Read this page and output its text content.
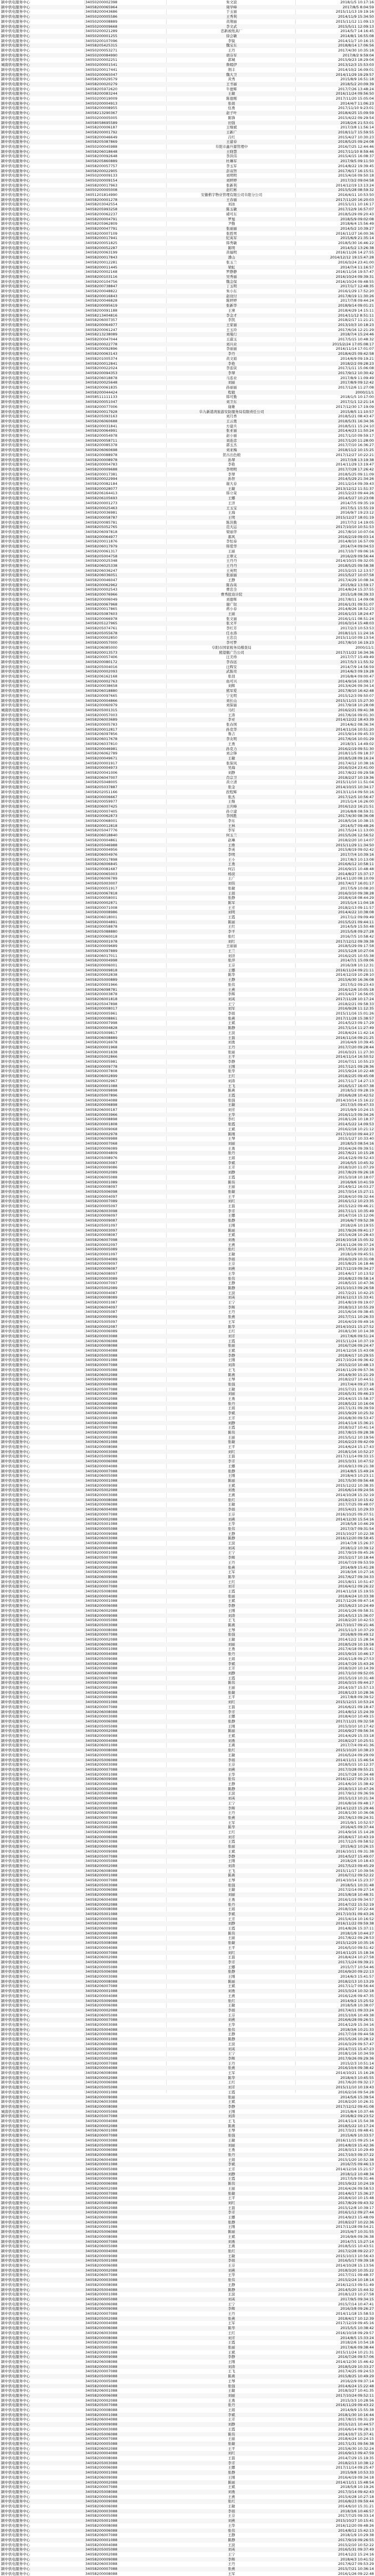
颍中供电服务中心	34050200002398	朱文波	2018/1/5 10:17:16
颍中供电服务中心	34058200065964	周学峰	2017/8/5 8:04:59
颍中供电服务中心	34058200043686	于玉丽	2015/11/13 19:19:16
颍中供电服务中心	34050200005586	王秀利	2014/11/9 15:34:50
颍中供电服务中心	34050200008889	黄翔丽	2015/11/12 11:09:13
颍中供电服务中心	34050200009668	李文武	2015/5/11 12:09:13
颍中供电服务中心	34050200021289	忠新被纸具厂	2014/5/7 14:16:45
颍中供电服务中心	34050200001255	徐会敏	2014/8/1 16:55:08
颍中供电服务中心	34050200107096	李锐	2014/11/7 10:16:15
颍中供电服务中心	34058205425315	魏宝东	2018/8/14 17:06:56
颍中供电服务中心	34050200053271	王丹	2017/4/30 10:35:18
颍中供电服务中心	34050200084990	胡芬军	2017/8/2 9:59:04
颍中供电服务中心	34050200002251	郭城	2015/9/23 18:29:04
城南供电服务中心	34050200001541	鲁嫣伊	2013/12/3 15:53:03
颍中供电服务中心	34050200017441	荆丰	2014/10/2 16:09:01
颍中供电服务中心	34050200065047	魏大卫	2014/11/29 19:29:57
颍中供电服务中心	34058200029579	黄秀	2015/8/9 16:51:18
颍中供电服务中心	34058200020279	王书丽	2018/5/2 20:09:39
颍中供电服务中心	34058205972620	牛德辉	2017/7/26 13:48:24
颍中供电服务中心	34058200083244	王敏	2016/11/24 09:56:50
颍中供电服务中心	34050200019009	陈德刚	2017/11/20 15:05:04
颍中供电服务中心	34050200004913	张娟	2014/4/7 11:06:23
颍中供电服务中心	34058200008955	伍勇	2017/11/10 9:23:01
颍中供电服务中心	34058213290367	赵子叶	2018/4/25 15:09:59
颍中供电服务中心	34050200005005	陈锋	2015/4/22 09:29:54
颍中供电服务中心	34058058695589	田强	2018/2/6 21:53:01
颍中供电服务中心	34058200006187	王继斌	2017/3/8 11:56:14
颍中供电服务中心	34058200001792	王新广	2018/11/7 15:59:55
颍中供电服务中心	34058200046649	吕红	2015/4/27 10:30:23
颍中供电服务中心	34058205087869	王建春	2018/5/25 09:24:08
颍中供电服务中心	34050200045988	阜阳市鑫升源管理中	2016/7/25 12:44:46
颍中供电服务中心	34058206018648	王晓慧	2017/11/10 8:59:46
颍中供电服务中心	34058200092648	李洪伟	2015/4/15 16:08:37
颍中供电服务中心	34058205860889	杜琳军	2017/9/5 09:11:50
颍中供电服务中心	34058200057757	李玉军	2014/8/22 19:39:45
颍中供电服务中心	34058200022905	彭双智	2017/6/17 16:15:51
颍中供电服务中心	34050200009133	刘明明	2015/4/16 09:50:18
颍中供电服务中心	34050200009154	刘婷婷	2017/3/2 09:04:58
颍中供电服务中心	34058200017963	张新利	2014/12/19 13:13:24
颍中供电服务中心	34050200005008	赵红彬	2015/5/28 08:59:32
颍中供电服务中心	34051201814990	安徽楷宇物业管理有限公司阜阳分公司	2016/4/11 10:53:50
颍中供电服务中心	34058200001278	王春丽	2017/11/20 16:20:03
颍中供电服务中心	34058203042554	刘冰	2015/1/11 10:16:17
颍中供电服务中心	34058205993258	陈玉敏	2017/12/9 16:57:07
颍中供电服务中心	34058200062237	褚可东	2018/5/29 09:20:43
颍中供电服务中心	34058200004791	罗旭	2018/5/9 09:02:08
颍中供电服务中心	34058205962809	尹勤	2018/6/4 15:56:49
颍中供电服务中心	34058200047791	张丽丽	2014/5/2 10:39:27
颍中供电服务中心	34058200007109	张胜男	2016/11/27 16:00:36
颍中供电服务中心	34058200017941	纪英军	2015/6/9 21:35:14
颍中供电服务中心	34058200051825	韩秀敏	2018/5/30 16:46:22
颍中供电服务中心	34058200052287	陈明	2014/5/2 13:26:38
颍中供电服务中心	34058200063199	黄福明	2016/11/26 14:27:55
颍中供电服务中心	34058200017843	潘山	2014/12/12 19:15:47:28
颍中供电服务中心	34058200012281	张玉兰	2016/3/24 23:41:00
颍中供电服务中心	34058200011445	梁虹	2014/7/4 11:16:57
颍中供电服务中心	34058200002168	罗静静	2016/11/16 19:57:47
颍中供电服务中心	34058200103116	吴秀丽	2016/10/24 09:39:31
颍中供电服务中心	34058200104756	魏金保	2016/10/24 09:48:55
颍中供电服务中心	34058200738847	丁玉明	2017/1/7 12:48:35
颍中供电服务中心	34058200048822	朱小东	2016/1/29 17:52:20
颍中供电服务中心	34058200016843	赵玟付	2017/8/19 11:30:26
颍中供电服务中心	34058200046828	陈婷婷	2017/7/8 09:44:24
颍中供电服务中心	34058200095619	张新华	2018/9/14 09:01:21
颍中供电服务中心	34058200091188	王寨	2018/4/29 14:15:11
颍中供电服务中心	34058213404816	李金才	2014/11/12 8:51:11
颍中供电服务中心	34058206007357	李凯	2018/2/17 11:21:21
颍中供电服务中心	34058200064977	王家丽	2013/10/3 10:18:23
颍中供电服务中心	34058200061247	王玉玲	2017/6/16 12:21:29
颍中供电服务中心	34058213238089	刘曼行	2018/7/4 15:24:46
颍中供电服务中心	34058200047044	王淑玉	2017/5/15 10:48:32
颍中供电服务中心	34058200022778	刘兴业	2015/2/24 17:05:08:17
颍中供电服务中心	34058200092896	李丽丽	2016/11/14 17:01:07
颍中供电服务中心	34058200063143	李丹	2018/4/25 09:42:58
颍中供电服务中心	34058201005374	黄文娟	2014/6/9 09:19:21
颍中供电服务中心	34058200012841	李艳	2018/2/2 09:28:23
颍中供电服务中心	34058200022024	李连侠	2017/1/11 15:06:08
颍中供电服务中心	34058200094353	李翠	2017/9/12 10:30:42
颍中供电服务中心	34058206018878	马连业	2017/8/9 11:09:49
颍中供电服务中心	34058200025648	刘丽	2017/8/9 09:12:42
颍中供电服务中心	34058200061835	孙丽丽	2017/12/6 11:27:08
颍中供电服务中心	34058200044424	程毅	2000/11/1
颍中供电服务中心	34058511111133	韩可勤	2018/1/5 10:17:00
颍中供电服务中心	34058200051047	刘卫东	2017/1/1 12:21:14
颍中供电服务中心	34058200077006	谢雄	2017/12/30 17:19:09
颍中供电服务中心	34058200017928	阜九新港湾旅游安防服务局有限责任公司	2015/8/5 11:10:57
颍中供电服务中心	34058205093163	刘月香	2018/5/21 08:43:47
颍中供电服务中心	34058206060688	王云勇	2018/5/31 16:34:36
颍中供电服务中心	34058200031841	方建兵	2018/5/11 15:24:10
颍中供电服务中心	34058200064991	张亚丽	2014/4/23 11:50:24
颍中供电服务中心	34058200054978	赵小丽	2017/1/10 09:59:17
颍中供电服务中心	34058200058711	刘连彦	2017/1/20 11:28:00
颍中供电服务中心	34058200085378	郭玉杰	2017/7/10 16:36:27
颍中供电服务中心	34058206060698	刘亚梅	2018/11/2 10:15:25
颍中供电服务中心	34058200088978	贺古出色娘	2017/12/27 10:22:21
颍中供电服务中心	34058200008978	孙翠	2017/3/8 13:19:38
颍中供电服务中心	34058200004783	李艳	2014/11/29 13:19:47
颍中供电服务中心	34058200009688	李明明	2017/7/28 17:26:42
颍中供电服务中心	34058200017381	李翠	2018/5/25 09:11:09
颍中供电服务中心	34058200022994	孙智	2014/5/29 21:34:26
颍中供电服务中心	34058200082184	谢大春	2011/2/14 09:39:43
颍中供电服务中心	34058200028077	王敏	2013/12/12 11:51:37
颍中供电服务中心	34058206164413	韩立荣	2015/2/23 09:44:26
颍中供电服务中心	34058206105693	王娜	2014/5/27 10:23:08
颍中供电服务中心	34058200001273	王洋	2014/7/5 09:35:19
颍中供电服务中心	34058200025463	王玉宝	2017/5/1 15:55:19
颍中供电服务中心	34058200036981	王海	2016/9/7 19:23:12
颍中供电服务中心	34058200058787	王明	2015/12/27 18:01:19
颍中供电服务中心	34058200085781	陈洪勤	2017/7/2 14:19:05
颍中供电服务中心	34058205052765	范大运	2017/10/10 10:51:53
颍中供电服务中心	34058206097818	梁丽华	2017/8/10 10:07:04
颍中供电服务中心	34058200064977	郝风	2016/2/19 09:03:14
颍中供电服务中心	34058200011876	李恒泰	2014/8/10 16:57:09
颍中供电服务中心	34058206017979	韩爱华	2014/7/4 09:04:53
颍中供电服务中心	34058200061317	王丽	2017/10/7 09:06:16
颍中供电服务中心	34058205004758	王翠义	2016/2/9 09:56:44
颍中供电服务中心	34058200025348	王丹丹	2014/10/15 09:32:05
颍中供电服务中心	34058206025338	王丹丹	2018/5/25 09:58:38
颍中供电服务中心	34058206036247	王英明	2015/2/15 12:13:57
颍中供电服务中心	34058206036051	张丽丽	2015/5/27 10:07:58
颍中供电服务中心	34058200046047	王静	2017/4/29 10:08:34
颍中供电服务中心	34058200062962	陈春英	2015/9/2 13:59:17
颍中供电服务中心	34058200002543	曹忠全	2014/8/24 15:37:55
颍中供电服务中心	34058200076966	曹秀批设计院	2015/1/8 08:39:33
颍中供电服务中心	34058200006049	刘德晖	2017/8/11 14:09:08
颍中供电服务中心	34058200067968	谢广钗	2016/1/31 09:51:07
颍中供电服务中心	34058200017865	蒋小春	2014/8/26 18:52:23
颍中供电服务中心	34058205087603	王丽	2016/1/15 18:24:47
颍中供电服务中心	34058200066978	张文丽	2016/1/11 08:51:24
颍中供电服务中心	34058205127965	张文平	2016/3/14 15:48:03
颍中供电服务中心	34058205074761	李红芳	2017/2/3 10:53:53
颍中供电服务中心	34058205055678	任永涛	2018/11/1 11:24:16
颍中供电服务中心	34058200002850	王忠良	2015/11/10 09:13:54
颍中供电服务中心	34058200057000	李可梦	2017/8/10 16:19:23
颍中供电服务中心	34058206085000	阜阳市国家税务局稽查局	2000/11/1
颍中供电服务中心	34058200013573	熊望瓶广告公司	2017/11/22 16:34:36
颍中供电服务中心	34058200057406	汪美珍	2017/7/7 15:49:49
颍中供电服务中心	34058200080172	李春远	2017/5/3 11:55:32
颍中供电服务中心	34058205004016	汪辉安	2014/7/9 14:56:59
颍中供电服务中心	34058200002093	武振亮	2014/6/3 09:19:28
颍中供电服务中心	34058206162168	张羽	2016/8/4 09:00:47
颍中供电服务中心	34058200002763	鱼可兴	2014/9/16 10:09:17
颍中供电服务中心	34058200038658	刘辉	2013/4/26 09:34:14
颍中供电服务中心	34058206018880	熊军爱	2017/8/10 16:42:48
颍中供电服务中心	34058200097665	宁光明	2015/12/3 09:50:07
颍中供电服务中心	34058200004866	刘长山	2015/11/15 15:27:30
颍中供电服务中心	34058200060979	刘保丽	2017/9/18 10:28:08
城南供电服务中心	34058205001315	马红	2016/2/21 09:41:38
颍中供电服务中心	34058200057003	王涛	2017/6/16 09:01:30
颍中供电服务中心	34058206003689	李亚	2014/12/22 18:43:39
颍中供电服务中心	34058200005783	张春国	2014/6/2 08:36:34
颍中供电服务中心	34058200012817	孙克华	2014/11/16 10:51:20
颍中供电服务中心	34058206097856	鲁吉	2015/9/14 09:45:33
颍中供电服务中心	34058206017678	李友明	2017/6/16 10:01:29
颍中供电服务中心	34058206037810	王勇	2018/3/1 14:49:02
颍中供电服务中心	34058200046981	孙克力	2016/2/19 09:51:30
颍中供电服务中心	34058206062789	刘会锋	2018/11/5 09:18:37
颍中供电服务中心	34058200049671	王敏	2018/5/28 09:16:24
颍中供电服务中心	34058200001917	张保凤	2017/4/12 10:38:16
颍中供电服务中心	34058200004973	吴海	2016/3/24 23:41:00
颍中供电服务中心	34058200041006	刘静	2017/8/22 09:29:58
颍中供电服务中心	34058206047007	肖宗卫	2018/2/27 10:19:36
颍中供电服务中心	34058205048005	黄立清	2015/11/10 11:51:04
颍中供电服务中心	34058205037887	张金	2014/10/15 10:34:17
颍中供电服务中心	34058202051166	段程辉	2013/11/14 09:50:16
颍中供电服务中心	34058200006667	张杰	2017/12/5 10:56:47
颍中供电服务中心	34058200059977	王继	2015/1/4 16:26:00
颍中供电服务中心	34058206007425	王庆峰	2016/12/2 16:21:51
颍中供电服务中心	34058200007405	孙立建	2016/8/8 08:59:31
颍中供电服务中心	34058200062873	李国胜	2017/4/30 08:36:08
颍中供电服务中心	34058200068001	李东	2018/5/16 10:38:15
颍中供电服务中心	34058200012818	王林	2014/5/7 09:48:26
颍中供电服务中心	34058205047776	李军	2017/5/24 11:13:00
颍中供电服务中心	34058206018840	何玉兰	2015/5/26 12:56:52
颍中供电服务中心	34058200004861	赵琳	2018/2/20 10:14:07
颍中供电服务中心	34058205046988	王维	2015/11/29 11:34:50
颍中供电服务中心	34058200004956	李英	2015/8/19 09:02:42
颍中供电服务中心	34058206004976	李明	2017/7/4 10:39:16
颍中供电服务中心	34058200017898	王小	2017/8/3 10:13:08
颍中供电服务中心	34058206006845	王勇	2016/6/12 10:58:11
颍中供电服务中心	34058200081687	何洁	2016/9/15 10:48:48
颍中供电服务中心	34058200065003	杨波	2014/8/27 15:37:17
颍中供电服务中心	34058206006789	王广	2014/11/20 08:10:09
颍中供电服务中心	34058205003007	刘伟	2017/4/17 16:01:17
颍中供电服务中心	34058200051917	张敏	2017/5/9 10:08:20
颍中供电服务中心	34058200067818	王娟	2016/3/10 09:38:28
颍中供电服务中心	34058200058001	张静	2018/4/18 08:44:29
颍中供电服务中心	34058200002871	陈军	2015/1/4 11:04:18
颍中供电服务中心	34058200071008	王芳	2018/2/13 09:11:57
颍中供电服务中心	34058200008986	刘明	2014/4/22 10:38:08
颍中供电服务中心	34058206018001	王霞	2017/1/2 09:09:49
颍中供电服务中心	34058200004891	陈丽	2015/5/21 09:44:11
颍中供电服务中心	34058200058878	王红	2014/5/9 15:50:48
颍中供电服务中心	34058205088880	李平	2015/5/8 09:27:28
颍中供电服务中心	34058200060018	张红	2016/7/5 10:58:42
颍中供电服务中心	34058200001978	刘红	2017/12/12 09:39:38
颍中供电服务中心	34058200009689	王丽丽	2018/5/29 09:17:58
颍中供电服务中心	34058200097889	王兰	2015/12/8 10:27:04
颍中供电服务中心	34058206017011	刘洋	2016/2/25 10:55:38
颍中供电服务中心	34058200004998	张萍	2014/7/1 15:09:06
颍中供电服务中心	34058200006001	王芬	2016/3/8 10:12:31
颍中供电服务中心	34058200009818	王娜	2016/11/24 09:21:11
颍中供电服务中心	34058200002838	陈华	2014/12/19 10:28:10
颍中供电服务中心	34058205000889	王静	2015/6/30 16:36:08
颍中供电服务中心	34058200001966	张伟	2017/5/2 09:23:43
颍中供电服务中心	34058206098781	王燕	2016/12/6 10:05:18
颍中供电服务中心	34058200003878	李辉	2015/4/17 16:56:05
颍中供电服务中心	34058206001818	刘英	2017/11/28 10:17:24
颍中供电服务中心	34058205047898	王宁	2018/2/21 09:58:33
颍中供电服务中心	34058200008017	刘军	2016/9/28 11:12:35
颍中供电服务中心	34058200005961	李娟	2015/11/16 15:01:26
颍中供电服务中心	34058200008861	张燕	2017/11/28 15:38:57
颍中供电服务中心	34058200007998	王斌	2014/5/23 09:17:29
颍中供电服务中心	34058200004828	陈静	2017/1/14 11:27:49
颍中供电服务中心	34058205009817	王波	2018/4/24 11:42:14
颍中供电服务中心	34058206008889	王磊	2016/11/16 09:21:25
颍中供电服务中心	34058200016978	刘勇	2016/4/9 10:39:45
颍中供电服务中心	34058200001968	王丹	2017/7/20 09:28:44
颍中供电服务中心	34058200001838	张丽	2016/3/21 11:27:30
颍中供电服务中心	34058205002866	王平	2014/11/14 16:50:52
颍中供电服务中心	34058200005981	李静	2016/7/11 10:55:23
颍中供电服务中心	34058200009778	王刚	2017/12/1 09:28:36
颍中供电服务中心	34058200007808	张华	2015/9/24 10:22:48
颍中供电服务中心	34058206002899	王红	2018/2/25 09:45:08
颍中供电服务中心	34058200002967	刘涛	2017/11/7 14:27:13
颍中供电服务中心	34058200001088	王飞	2016/5/17 16:07:38
颍中供电服务中心	34058200009898	陈燕	2018/5/2 09:28:19
颍中供电服务中心	34058205007896	王霞	2016/6/28 10:42:52
颍中供电服务中心	34058200004088	张强	2014/10/14 15:16:22
颍中供电服务中心	34058200006898	王敏	2017/3/5 09:47:33
颍中供电服务中心	34058206000187	刘芳	2015/9/9 10:24:15
颍中供电服务中心	34058200003966	王华	2016/11/3 09:34:26
颍中供电服务中心	34058200008898	李红	2018/1/26 10:18:37
颍中供电服务中心	34058200001808	张霞	2014/5/22 14:09:53
颍中供电服务中心	34058205009068	王斌	2016/2/18 10:21:12
颍中供电服务中心	34058200002978	陈刚	2017/10/10 09:44:27
颍中供电服务中心	34058206009988	王琴	2015/1/27 10:33:40
颍中供电服务中心	34058200007068	刘丽	2018/5/3 08:54:16
颍中供电服务中心	34058200006089	王勇	2016/4/26 09:39:51
颍中供电服务中心	34058200004809	张丹	2017/6/21 10:15:28
颍中供电服务中心	34058205008976	王娟	2014/12/9 09:52:43
颍中供电服务中心	34058200003087	李斌	2016/5/5 10:45:32
颍中供电服务中心	34058200009086	王芳	2018/3/20 11:07:29
颍中供电服务中心	34058200002089	刘静	2017/8/29 09:26:18
颍中供电服务中心	34058206005088	王霞	2015/3/18 10:18:07
颍中供电服务中心	34058200001089	陈伟	2016/9/6 10:41:59
颍中供电服务中心	34058200008097	王丽	2014/9/12 16:03:27
颍中供电服务中心	34058205006098	张敏	2017/3/14 15:27:11
颍中供电服务中心	34058200004097	王平	2018/4/10 09:32:44
颍中供电服务中心	34058200007089	刘红	2016/1/12 10:23:35
颍中供电服务中心	34058200005097	王磊	2015/12/2 09:46:21
颍中供电服务中心	34058206003098	李芳	2017/11/1 10:35:49
颍中供电服务中心	34058200006097	王娜	2014/7/16 15:12:06
颍中供电服务中心	34058200009087	张静	2016/6/7 09:52:38
颍中供电服务中心	34058205001097	王刚	2018/2/6 10:19:55
颍中供电服务中心	34058200003097	陈丽	2017/9/26 09:41:17
颍中供电服务中心	34058200008087	王斌	2015/4/28 10:28:43
颍中供电服务中心	34058206007098	刘勇	2016/10/18 15:05:32
颍中供电服务中心	34058200002097	王燕	2014/11/26 09:37:24
颍中供电服务中心	34058200005089	张红	2017/5/16 10:22:19
颍中供电服务中心	34058200001097	王敏	2018/1/9 09:45:51
颍中供电服务中心	34058205004089	李娟	2016/3/29 10:31:08
颍中供电服务中心	34058200009097	王芬	2015/8/25 16:18:46
颍中供电服务中心	34058200006087	刘燕	2017/12/19 09:34:27
颍中供电服务中心	34058206008097	王华	2014/6/17 10:13:52
颍中供电服务中心	34058200003089	张伟	2016/8/23 09:58:14
颍中供电服务中心	34058200007097	王静	2018/5/15 10:47:36
颍中供电服务中心	34058205002089	陈静	2015/10/13 09:26:58
颍中供电服务中心	34058200004087	王波	2017/2/21 10:42:25
颍中供电服务中心	34058200008089	刘英	2016/12/13 15:33:41
颍中供电服务中心	34058200001087	王宁	2014/8/19 09:19:07
颍中供电服务中心	34058206004097	李辉	2018/3/13 10:55:29
颍中供电服务中心	34058200005087	王丹	2015/6/16 09:38:45
颍中供电服务中心	34058200009089	张燕	2017/7/11 10:26:33
颍中供电服务中心	34058205005097	王军	2016/4/19 09:49:16
颍中供电服务中心	34058200002087	陈华	2014/10/21 15:27:52
颍中供电服务中心	34058200006089	王红	2018/1/30 10:14:38
颍中供电服务中心	34058200003088	刘芳	2017/6/6 09:51:24
颍中供电服务中心	34058206006088	王霞	2015/11/24 10:37:19
颍中供电服务中心	34058200008088	张丽	2016/7/26 09:24:47
颍中供电服务中心	34058200004088	王斌	2014/12/16 15:43:08
颍中供电服务中心	34058205003088	李静	2018/4/17 10:29:55
颍中供电服务中心	34058200001088	王刚	2017/10/24 09:36:42
颍中供电服务中心	34058200007088	刘涛	2015/2/10 10:48:13
颍中供电服务中心	34058200005088	王飞	2016/11/29 09:57:36
颍中供电服务中心	34058206002088	陈燕	2014/9/30 15:21:29
颍中供电服务中心	34058200009088	王琴	2018/2/27 10:44:51
颍中供电服务中心	34058200006088	张强	2017/4/4 09:27:18
颍中供电服务中心	34058205007088	王敏	2015/7/21 10:33:46
颍中供电服务中心	34058200003088	刘丽	2016/5/31 09:46:23
颍中供电服务中心	34058200002088	王勇	2014/4/15 15:58:37
颍中供电服务中心	34058200008088	张丹	2018/5/22 10:16:04
颍中供电服务中心	34058206009088	王娟	2017/1/31 09:39:59
颍中供电服务中心	34058200004088	李斌	2015/9/29 10:25:32
颍中供电服务中心	34058200001088	王芳	2016/8/30 09:53:47
颍中供电服务中心	34058205006088	刘静	2014/11/4 15:36:21
颍中供电服务中心	34058200007088	王霞	2018/3/27 10:41:14
颍中供电服务中心	34058200005088	陈伟	2017/8/15 09:28:38
颍中供电服务中心	34058200002088	王丽	2015/5/12 10:19:56
颍中供电服务中心	34058206001088	张敏	2016/2/23 09:42:09
颍中供电服务中心	34058200008088	王平	2014/6/24 15:17:43
颍中供电服务中心	34058200003088	刘红	2018/1/16 10:52:27
颍中供电服务中心	34058205009088	王磊	2017/11/14 09:33:15
颍中供电服务中心	34058200006088	李芳	2015/3/31 10:47:52
颍中供电服务中心	34058200004088	王娜	2016/9/13 09:21:38
颍中供电服务中心	34058200007088	张静	2014/8/5 15:49:24
颍中供电服务中心	34058206005088	王刚	2018/4/3 10:23:11
颍中供电服务中心	34058200001088	陈丽	2017/5/30 09:56:48
颍中供电服务中心	34058200009088	王斌	2015/12/22 10:38:35
颍中供电服务中心	34058205002088	刘勇	2016/6/14 09:24:56
颍中供电服务中心	34058200003088	王燕	2014/10/28 15:32:19
颍中供电服务中心	34058200008088	张红	2018/2/13 10:15:42
颍中供电服务中心	34058200006088	王敏	2017/7/25 09:48:07
颍中供电服务中心	34058206004088	李娟	2015/4/21 10:29:33
颍中供电服务中心	34058200007088	王芬	2016/10/25 09:37:51
颍中供电服务中心	34058200002088	刘燕	2014/12/30 15:54:16
颍中供电服务中心	34058205001088	王华	2018/5/8 10:46:29
颍中供电服务中心	34058200005088	张伟	2017/3/7 09:31:54
颍中供电服务中心	34058200009088	王静	2015/10/27 10:22:38
颍中供电服务中心	34058206003088	陈静	2016/12/20 09:58:45
颍中供电服务中心	34058200008088	王波	2014/7/8 15:26:37
颍中供电服务中心	34058200004088	刘英	2018/1/2 10:39:12
颍中供电服务中心	34058200001088	王宁	2017/9/19 09:45:26
颍中供电服务中心	34058205007088	李辉	2015/2/17 10:18:44
颍中供电服务中心	34058200006088	王丹	2016/7/19 09:53:59
颍中供电服务中心	34058200002088	张燕	2014/9/9 15:41:28
颍中供电服务中心	34058200005088	王军	2018/3/6 10:27:16
颍中供电服务中心	34058206009088	陈华	2017/6/27 09:34:33
颍中供电服务中心	34058200003088	王红	2015/8/11 10:51:47
颍中供电服务中心	34058200007088	刘芳	2016/4/12 09:26:22
颍中供电服务中心	34058205008088	王霞	2014/11/18 15:19:55
颍中供电服务中心	34058200004088	张丽	2018/4/24 10:33:38
颍中供电服务中心	34058200001088	王斌	2017/12/26 09:47:14
颍中供电服务中心	34058200006088	李静	2015/6/23 10:24:49
颍中供电服务中心	34058206002088	王刚	2016/1/26 09:58:31
颍中供电服务中心	34058200009088	刘涛	2014/5/13 15:36:07
颍中供电服务中心	34058200005088	王飞	2018/2/20 10:42:53
颍中供电服务中心	34058205003088	陈燕	2017/10/17 09:21:46
颍中供电服务中心	34058200008088	王琴	2015/11/3 10:37:29
颍中供电服务中心	34058200007088	张强	2016/8/9 09:49:12
颍中供电服务中心	34058200002088	王敏	2014/12/2 15:28:34
颍中供电服务中心	34058206006088	刘丽	2018/5/29 10:19:58
颍中供电服务中心	34058200001088	王勇	2017/4/18 09:35:41
颍中供电服务中心	34058200004088	张丹	2015/9/15 10:46:17
颍中供电服务中心	34058205009088	王娟	2016/11/8 09:27:53
颍中供电服务中心	34058200003088	李斌	2014/7/29 15:43:26
颍中供电服务中心	34058200006088	王芳	2018/3/20 10:14:39
颍中供电服务中心	34058200008088	刘静	2017/1/10 09:52:05
颍中供电服务中心	34058206007088	王霞	2015/5/19 10:31:48
颍中供电服务中心	34058200005088	陈伟	2016/3/15 09:44:27
颍中供电服务中心	34058200002088	王丽	2014/10/7 15:57:13
颍中供电服务中心	34058205004088	张敏	2018/1/23 10:28:36
颍中供电服务中心	34058200009088	王平	2017/8/8 09:39:52
颍中供电服务中心	34058200001088	刘红	2015/12/15 10:53:24
颍中供电服务中心	34058200007088	王磊	2016/6/21 09:18:47
颍中供电服务中心	34058206008088	李芳	2014/8/12 15:24:39
颍中供电服务中心	34058200003088	王娜	2018/4/10 10:49:15
颍中供电服务中心	34058200006088	张静	2017/11/21 09:32:58
颍中供电服务中心	34058205005088	王刚	2015/3/10 10:17:42
颍中供电服务中心	34058200002088	陈丽	2016/9/27 09:56:34
颍中供电服务中心	34058200009088	王斌	2014/4/29 15:33:18
颍中供电服务中心	34058200004088	刘勇	2018/2/27 10:25:51
颍中供电服务中心	34058206001088	王燕	2017/7/4 09:41:36
颍中供电服务中心	34058200008088	张红	2015/10/20 10:38:23
颍中供电服务中心	34058200005088	王敏	2016/5/24 09:29:09
颍中供电服务中心	34058205006088	李娟	2014/11/11 15:46:54
颍中供电服务中心	34058200003088	王芬	2018/5/15 10:12:37
颍中供电服务中心	34058200007088	刘燕	2017/3/28 09:55:21
颍中供电服务中心	34058200001088	王华	2015/7/28 10:34:48
颍中供电服务中心	34058206009088	张伟	2016/12/27 09:23:15
颍中供电服务中心	34058200006088	王静	2014/6/10 15:38:42
颍中供电服务中心	34058200002088	陈静	2018/3/13 10:47:26
颍中供电服务中心	34058205008088	王波	2017/9/12 09:36:59
颍中供电服务中心	34058200004088	刘英	2015/1/13 10:21:34
颍中供电服务中心	34058200009088	王宁	2016/8/16 09:48:17
颍中供电服务中心	34058200003088	李辉	2014/12/23 15:29:46
颍中供电服务中心	34058206005088	王丹	2018/1/30 10:36:08
颍中供电服务中心	34058200007088	张燕	2017/6/13 09:24:31
颍中供电服务中心	34058200001088	王军	2015/9/1 10:52:57
颍中供电服务中心	34058205002088	陈华	2016/4/5 09:37:44
颍中供电服务中心	34058200008088	王红	2014/9/16 15:14:28
颍中供电服务中心	34058200006088	刘芳	2018/4/17 10:43:19
颍中供电服务中心	34058206003088	王霞	2017/12/5 09:58:52
颍中供电服务中心	34058200004088	张丽	2015/6/2 10:26:15
颍中供电服务中心	34058200009088	王斌	2016/10/11 09:31:38
颍中供电服务中心	34058205007088	李静	2014/5/27 15:49:07
颍中供电服务中心	34058200005088	王刚	2018/2/6 10:18:43
颍中供电服务中心	34058200002088	刘涛	2017/5/23 09:45:29
颍中供电服务中心	34058206008088	王飞	2015/11/17 10:39:56
颍中供电服务中心	34058200001088	陈燕	2016/7/12 09:52:22
颍中供电服务中心	34058200007088	王琴	2014/10/14 15:23:37
颍中供电服务中心	34058205003088	张强	2018/5/1 10:31:48
颍中供电服务中心	34058200006088	王敏	2017/2/14 09:27:14
颍中供电服务中心	34058200009088	刘丽	2015/8/18 10:48:31
颍中供电服务中心	34058206004088	王勇	2016/1/19 09:34:57
颍中供电服务中心	34058200002088	张丹	2014/7/22 15:52:19
颍中供电服务中心	34058200008088	王娟	2018/3/27 10:22:44
颍中供电服务中心	34058205001088	李斌	2017/10/31 09:43:26
颍中供电服务中心	34058200005088	王芳	2015/4/14 10:16:52
颍中供电服务中心	34058200003088	刘静	2016/11/22 09:59:38
颍中供电服务中心	34058206009088	王霞	2014/8/26 15:37:11
颍中供电服务中心	34058200006088	陈伟	2018/1/9 10:44:27
颍中供电服务中心	34058200001088	王丽	2017/8/22 09:28:53
颍中供电服务中心	34058205008088	张敏	2015/12/29 10:35:16
颍中供电服务中心	34058200004088	王平	2016/5/10 09:51:42
颍中供电服务中心	34058200007088	刘红	2014/11/25 15:18:34
颍中供电服务中心	34058206002088	王磊	2018/4/24 10:27:58
颍中供电服务中心	34058200009088	李芳	2017/1/24 09:39:21
颍中供电服务中心	34058200005088	王娜	2015/7/7 10:54:46
颍中供电服务中心	34058205006088	张静	2016/9/20 09:22:13
颍中供电服务中心	34058200003088	王刚	2014/6/3 15:41:57
颍中供电服务中心	34058200008088	陈丽	2018/2/13 10:13:29
颍中供电服务中心	34058206007088	王斌	2017/11/7 09:56:44
颍中供电服务中心	34058200001088	刘勇	2015/3/24 10:32:18
颍中供电服务中心	34058200004088	王燕	2016/12/6 09:47:35
颍中供电服务中心	34058205009088	张红	2014/9/2 15:25:52
颍中供电服务中心	34058200006088	王敏	2018/5/8 10:38:07
颍中供电服务中心	34058200002088	李娟	2017/4/11 09:33:24
颍中供电服务中心	34058206005088	王芬	2015/10/6 10:49:38
颍中供电服务中心	34058200007088	刘燕	2016/6/28 09:26:51
颍中供电服务中心	34058200003088	王华	2014/12/9 15:34:16
颍中供电服务中心	34058205004088	张伟	2018/3/6 10:21:33
颍中供电服务中心	34058200008088	王静	2017/7/18 09:44:58
颍中供电服务中心	34058200001088	陈静	2015/5/26 10:28:12
颍中供电服务中心	34058206006088	王波	2016/3/29 09:57:47
颍中供电服务中心	34058200009088	刘英	2014/7/15 15:47:23
颍中供电服务中心	34058200005088	王宁	2018/1/16 10:34:59
颍中供电服务中心	34058205002088	李辉	2017/9/26 09:29:36
颍中供电服务中心	34058200007088	王丹	2015/2/3 10:51:14
颍中供电服务中心	34058200004088	张燕	2016/10/4 09:38:42
颍中供电服务中心	34058206008088	王军	2014/10/21 15:16:28
颍中供电服务中心	34058200002088	陈华	2018/4/3 10:45:55
颍中供电服务中心	34058200006088	王红	2017/6/20 09:32:17
颍中供电服务中心	34058205005088	刘芳	2015/11/10 10:19:43
颍中供电服务中心	34058200001088	王霞	2016/2/16 09:54:28
颍中供电服务中心	34058200009088	张丽	2014/5/6 15:39:54
颍中供电服务中心	34058206003088	王斌	2018/2/20 10:26:31
颍中供电服务中心	34058200008088	李静	2017/12/12 09:41:08
城南供电服务中心	34058200005088	王刚	2015/8/4 10:37:46
颍中供电服务中心	34058205007088	刘涛	2016/8/2 09:23:52
颍中供电服务中心	34058200004088	王飞	2014/11/4 15:54:38
颍中供电服务中心	34058200002088	陈燕	2018/5/22 10:17:24
颍中供电服务中心	34058206001088	王琴	2017/3/21 09:48:41
颍中供电服务中心	34058200007088	张强	2015/6/9 10:33:57
颍中供电服务中心	34058200003088	王敏	2016/11/15 09:25:14
颍中供电服务中心	34058205009088	刘丽	2014/8/19 15:42:36
颍中供电服务中心	34058200006088	王勇	2018/3/13 10:29:49
颍中供电服务中心	34058200008088	张丹	2017/10/3 09:37:22
颍中供电服务中心	34058206004088	王娟	2015/1/20 10:52:38
颍中供电服务中心	34058200001088	李斌	2016/7/5 09:46:13
颍中供电服务中心	34058200005088	王芳	2014/12/16 15:21:57
颍中供电服务中心	34058205003088	刘静	2018/1/2 10:48:34
颍中供电服务中心	34058200009088	王霞	2017/5/9 09:31:46
颍中供电服务中心	34058200006088	陈伟	2015/9/22 10:24:19
颍中供电服务中心	34058206002088	王丽	2016/4/26 09:58:53
颍中供电服务中心	34058200007088	张敏	2014/6/17 15:36:27
颍中供电服务中心	34058200004088	王平	2018/4/10 10:15:48
颍中供电服务中心	34058205008088	刘红	2017/8/29 09:43:32
颍中供电服务中心	34058200002088	王磊	2015/12/8 10:39:17
颍中供电服务中心	34058200003088	李芳	2016/1/12 09:27:44
颍中供电服务中心	34058206009088	王娜	2014/9/23 15:48:09
颍中供电服务中心	34058200005088	张静	2018/2/27 10:22:36
颍中供电服务中心	34058200001088	王刚	2017/11/28 09:54:21
颍中供电服务中心	34058205006088	陈丽	2015/4/7 10:31:55
颍中供电服务中心	34058200008088	王斌	2016/9/6 09:36:38
颍中供电服务中心	34058200007088	刘勇	2014/7/1 15:27:14
颍中供电服务中心	34058206005088	王燕	2018/5/15 10:43:51
颍中供电服务中心	34058200004088	张红	2017/2/28 09:22:27
颍中供电服务中心	34058200009088	王敏	2015/10/13 10:56:43
颍中供电服务中心	34058205001088	李娟	2016/5/17 09:39:18
颍中供电服务中心	34058200006088	王芬	2014/10/28 15:13:56
颍中供电服务中心	34058200002088	刘燕	2018/3/20 10:35:22
颍中供电服务中心	34058206007088	王华	2017/7/11 09:48:37
颍中供电服务中心	34058200003088	张伟	2015/2/24 10:18:14
颍中供电服务中心	34058200008088	王静	2016/12/13 09:51:49
颍中供电服务中心	34058205004088	陈静	2014/5/20 15:44:32
颍中供电服务中心	34058200001088	王波	2018/1/23 10:27:58
颍中供电服务中心	34058200005088	刘英	2017/9/5 09:34:15
颍中供电服务中心	34058206006088	王宁	2015/7/14 10:47:41
颍中供电服务中心	34058200009088	李辉	2016/3/8 09:26:27
颍中供电服务中心	34058200007088	王丹	2014/11/18 15:58:53
颍中供电服务中心	34058205002088	张燕	2018/4/17 10:12:39
颍中供电服务中心	34058200004088	王军	2017/12/19 09:45:16
颍中供电服务中心	34058200006088	陈华	2015/5/5 10:38:42
颍中供电服务中心	34058206003088	王红	2016/10/18 09:29:57
颍中供电服务中心	34058200008088	刘芳	2014/8/5 15:33:24
颍中供电服务中心	34058200002088	王霞	2018/2/6 10:54:18
颍中供电服务中心	34058205005088	张丽	2017/6/6 09:38:44
颍中供电服务中心	34058200001088	王斌	2015/11/24 10:21:31
颍中供电服务中心	34058200009088	李静	2016/7/26 09:57:06
颍中供电服务中心	34058206008088	王刚	2014/12/30 15:46:42
颍中供电服务中心	34058200003088	刘涛	2018/5/29 10:33:27
颍中供电服务中心	34058200007088	王飞	2017/4/25 09:24:53
颍中供电服务中心	34058205009088	陈燕	2015/8/25 10:49:29
颍中供电服务中心	34058200005088	王琴	2016/2/9 09:37:14
颍中供电服务中心	34058200004088	张强	2014/6/24 15:22:48
颍中供电服务中心	34058206001088	王敏	2018/3/27 10:41:35
颍中供电服务中心	34058200006088	刘丽	2017/10/24 09:52:11
颍中供电服务中心	34058200002088	王勇	2015/3/3 10:28:56
颍中供电服务中心	34058205007088	张丹	2016/11/29 09:43:22
颍中供电服务中心	34058200008088	王娟	2014/9/9 15:55:38
颍中供电服务中心	34058200001088	李斌	2018/1/30 10:16:44
颍中供电服务中心	34058206004088	王芳	2017/8/15 09:31:29
颍中供电服务中心	34058200009088	刘静	2015/12/1 10:44:57
颍中供电服务中心	34058200003088	王霞	2016/6/14 09:28:13
颍中供电服务中心	34058205006088	陈伟	2014/10/7 15:37:41
颍中供电服务中心	34058200007088	王丽	2018/4/24 10:24:15
颍中供电服务中心	34058200005088	张敏	2017/1/31 09:56:38
颍中供电服务中心	34058206002088	王平	2015/6/30 10:32:24
颍中供电服务中心	34058200004088	刘红	2016/9/13 09:47:59
颍中供电服务中心	34058200008088	王磊	2014/7/29 15:19:35
颍中供电服务中心	34058205003088	李芳	2018/2/13 10:38:12
颍中供电服务中心	34058200006088	王娜	2017/11/14 09:25:47
颍中供电服务中心	34058200001088	张静	2015/9/8 10:53:33
颍中供电服务中心	34058206009088	王刚	2016/4/19 09:34:18
颍中供电服务中心	34058200002088	陈丽	2014/11/11 15:48:54
颍中供电服务中心	34058200007088	王斌	2018/5/8 10:19:26
颍中供电服务中心	34058205008088	刘勇	2017/3/14 09:42:43
颍中供电服务中心	34058200004088	王燕	2015/4/28 10:27:18
颍中供电服务中心	34058200009088	张红	2016/8/23 09:59:44
颍中供电服务中心	34058206006088	王敏	2014/6/10 15:31:21
颍中供电服务中心	34058200003088	李娟	2018/3/6 10:46:57
颍中供电服务中心	34058200005088	王芬	2017/7/25 09:33:14
颍中供电服务中心	34058205001088	刘燕	2015/10/27 10:15:41
颍中供电服务中心	34058200008088	王华	2016/12/20 09:48:26
颍中供电服务中心	34058200006088	张伟	2014/8/12 15:42:13
颍中供电服务中心	34058206007088	王静	2018/1/9 10:29:38
颍中供电服务中心	34058200001088	陈静	2017/9/19 09:26:55
颍中供电服务中心	34058200004088	王波	2015/2/10 10:52:22
颍中供电服务中心	34058205005088	刘英	2016/5/31 09:37:49
颍中供电服务中心	34058200002088	王宁	2014/12/2 15:24:16
颍中供电服务中心	34058200009088	李辉	2018/4/3 10:41:52
颍中供电服务中心	34058206003088	王丹	2017/6/27 09:53:29
颍中供电服务中心	34058200007088	张燕	2015/7/21 10:36:14
颍中供电服务中心	34058200008088	王军	2016/1/26 09:22:48
